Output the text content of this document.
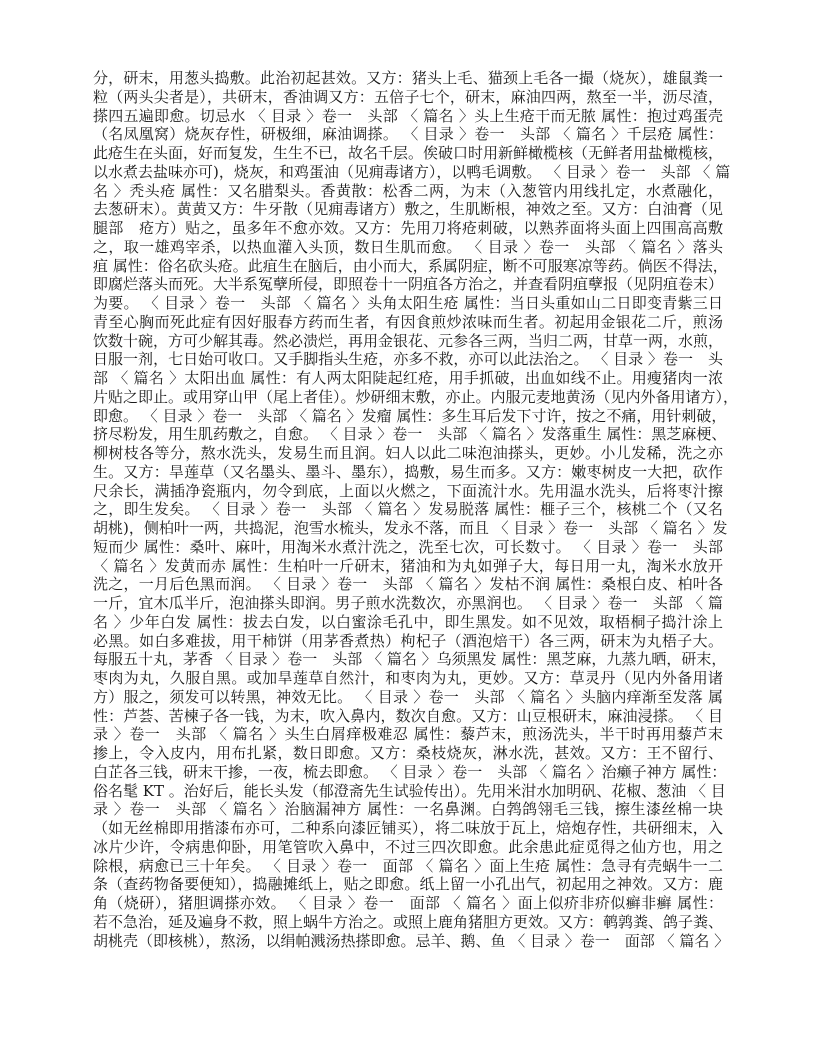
分，研末，用葱头捣敷。此治初起甚效。又方：猪头上毛、猫颈上毛各一撮（烧灰），雄鼠粪一
粒（两头尖者是），共研末，香油调又方：五倍子七个，研末，麻油四两，熬至一半，沥尽渣，
搽四五遍即愈。切忌水 〈 目录 〉卷一　头部 〈 篇名 〉头上生疮干而无脓 属性：抱过鸡蛋壳
（名凤凰窝）烧灰存性，研极细，麻油调搽。 〈 目录 〉卷一　头部 〈 篇名 〉千层疮 属性：
此疮生在头面，好而复发，生生不已，故名千层。俟破口时用新鲜橄榄核（无鲜者用盐橄榄核，
以水煮去盐味亦可)，烧灰，和鸡蛋油（见痈毒诸方），以鸭毛调敷。 〈 目录 〉卷一　头部 〈 篇
名 〉秃头疮 属性：又名腊梨头。香黄散：松香二两，为末（入葱管内用线扎定，水煮融化，
去葱研末）。黄黄又方：牛牙散（见痈毒诸方）敷之，生肌断根，神效之至。又方：白油膏（见
腿部　疮方）贴之，虽多年不愈亦效。又方：先用刀将疮刺破，以熟荞面将头面上四围高高敷
之，取一雄鸡宰杀，以热血灌入头顶，数日生肌而愈。 〈 目录 〉卷一　头部 〈 篇名 〉落头
疽 属性：俗名砍头疮。此疽生在脑后，由小而大，系属阴症，断不可服寒凉等药。倘医不得法，
即腐烂落头而死。大半系冤孽所侵，即照卷十一阴疽各方治之，并查看阴疽孽报（见阴疽卷末）
为要。 〈 目录 〉卷一　头部 〈 篇名 〉头角太阳生疮 属性：当日头重如山二日即变青紫三日
青至心胸而死此症有因好服春方药而生者，有因食煎炒浓味而生者。初起用金银花二斤，煎汤
饮数十碗，方可少解其毒。然必溃烂，再用金银花、元参各三两，当归二两，甘草一两，水煎，
日服一剂，七日始可收口。又手脚指头生疮，亦多不救，亦可以此法治之。 〈 目录 〉卷一　头
部 〈 篇名 〉太阳出血 属性：有人两太阳陡起红疮，用手抓破，出血如线不止。用瘦猪肉一浓
片贴之即止。或用穿山甲（尾上者佳）。炒研细末敷，亦止。内服元麦地黄汤（见内外备用诸方），
即愈。 〈 目录 〉卷一　头部 〈 篇名 〉发瘤 属性：多生耳后发下寸许，按之不痛，用针刺破，
挤尽粉发，用生肌药敷之，自愈。 〈 目录 〉卷一　头部 〈 篇名 〉发落重生 属性：黑芝麻梗、
柳树枝各等分，熬水洗头，发易生而且润。妇人以此二味泡油搽头，更妙。小儿发稀，洗之亦
生。又方：旱莲草（又名墨头、墨斗、墨东），捣敷，易生而多。又方：嫩枣树皮一大把，砍作
尺余长，满插净瓷瓶内，勿令到底，上面以火燃之，下面流汁水。先用温水洗头，后将枣汁擦
之，即生发矣。 〈 目录 〉卷一　头部 〈 篇名 〉发易脱落 属性：榧子三个，核桃二个（又名
胡桃)，侧柏叶一两，共捣泥，泡雪水梳头，发永不落，而且 〈 目录 〉卷一　头部 〈 篇名 〉发
短而少 属性：桑叶、麻叶，用淘米水煮汁洗之，洗至七次，可长数寸。 〈 目录 〉卷一　头部
〈 篇名 〉发黄而赤 属性：生柏叶一斤研末，猪油和为丸如弹子大，每日用一丸，淘米水放开
洗之，一月后色黑而润。 〈 目录 〉卷一　头部 〈 篇名 〉发枯不润 属性：桑根白皮、柏叶各
一斤，宜木瓜半斤，泡油搽头即润。男子煎水洗数次，亦黑润也。 〈 目录 〉卷一　头部 〈 篇
名 〉少年白发 属性：拔去白发，以白蜜涂毛孔中，即生黑发。如不见效，取梧桐子捣汁涂上
必黑。如白多难拔，用干柿饼（用茅香煮热）枸杞子（酒泡焙干）各三两，研末为丸梧子大。
每服五十丸，茅香 〈 目录 〉卷一　头部 〈 篇名 〉乌须黑发 属性：黑芝麻，九蒸九晒，研末，
枣肉为丸，久服自黑。或加旱莲草自然汁，和枣肉为丸，更妙。又方：草灵丹（见内外备用诸
方）服之，须发可以转黑，神效无比。 〈 目录 〉卷一　头部 〈 篇名 〉头脑内痒渐至发落 属
性：芦荟、苦楝子各一钱，为末，吹入鼻内，数次自愈。又方：山豆根研末，麻油浸搽。 〈 目
录 〉卷一　头部 〈 篇名 〉头生白屑痒极难忍 属性：藜芦末，煎汤洗头，半干时再用藜芦末
掺上，令入皮内，用布扎紧，数日即愈。又方：桑枝烧灰，淋水洗，甚效。又方：王不留行、
白芷各三钱，研末干掺，一夜，梳去即愈。 〈 目录 〉卷一　头部 〈 篇名 〉治癞子神方 属性：
俗名髦 KT 。治好后，能长头发（郁澄斋先生试验传出）。先用米泔水加明矾、花椒、葱油 〈 目
录 〉卷一　头部 〈 篇名 〉治脑漏神方 属性：一名鼻渊。白鹁鸽翎毛三钱，擦生漆丝棉一块
（如无丝棉即用揩漆布亦可，二种系向漆匠铺买），将二味放于瓦上，焙炮存性，共研细末，入
冰片少许，令病患仰卧，用笔管吹入鼻中，不过三四次即愈。此余患此症觅得之仙方也，用之
除根，病愈已三十年矣。 〈 目录 〉卷一　面部 〈 篇名 〉面上生疮 属性：急寻有壳蜗牛一二
条（查药物备要便知），捣融摊纸上，贴之即愈。纸上留一小孔出气，初起用之神效。又方：鹿
角（烧研），猪胆调搽亦效。 〈 目录 〉卷一　面部 〈 篇名 〉面上似疥非疥似癣非癣 属性：
若不急治，延及遍身不救，照上蜗牛方治之。或照上鹿角猪胆方更效。又方：鹌鹑粪、鸽子粪、
胡桃壳（即核桃），熬汤，以绢帕溅汤热搽即愈。忌羊、鹅、鱼 〈 目录 〉卷一　面部 〈 篇名 〉
